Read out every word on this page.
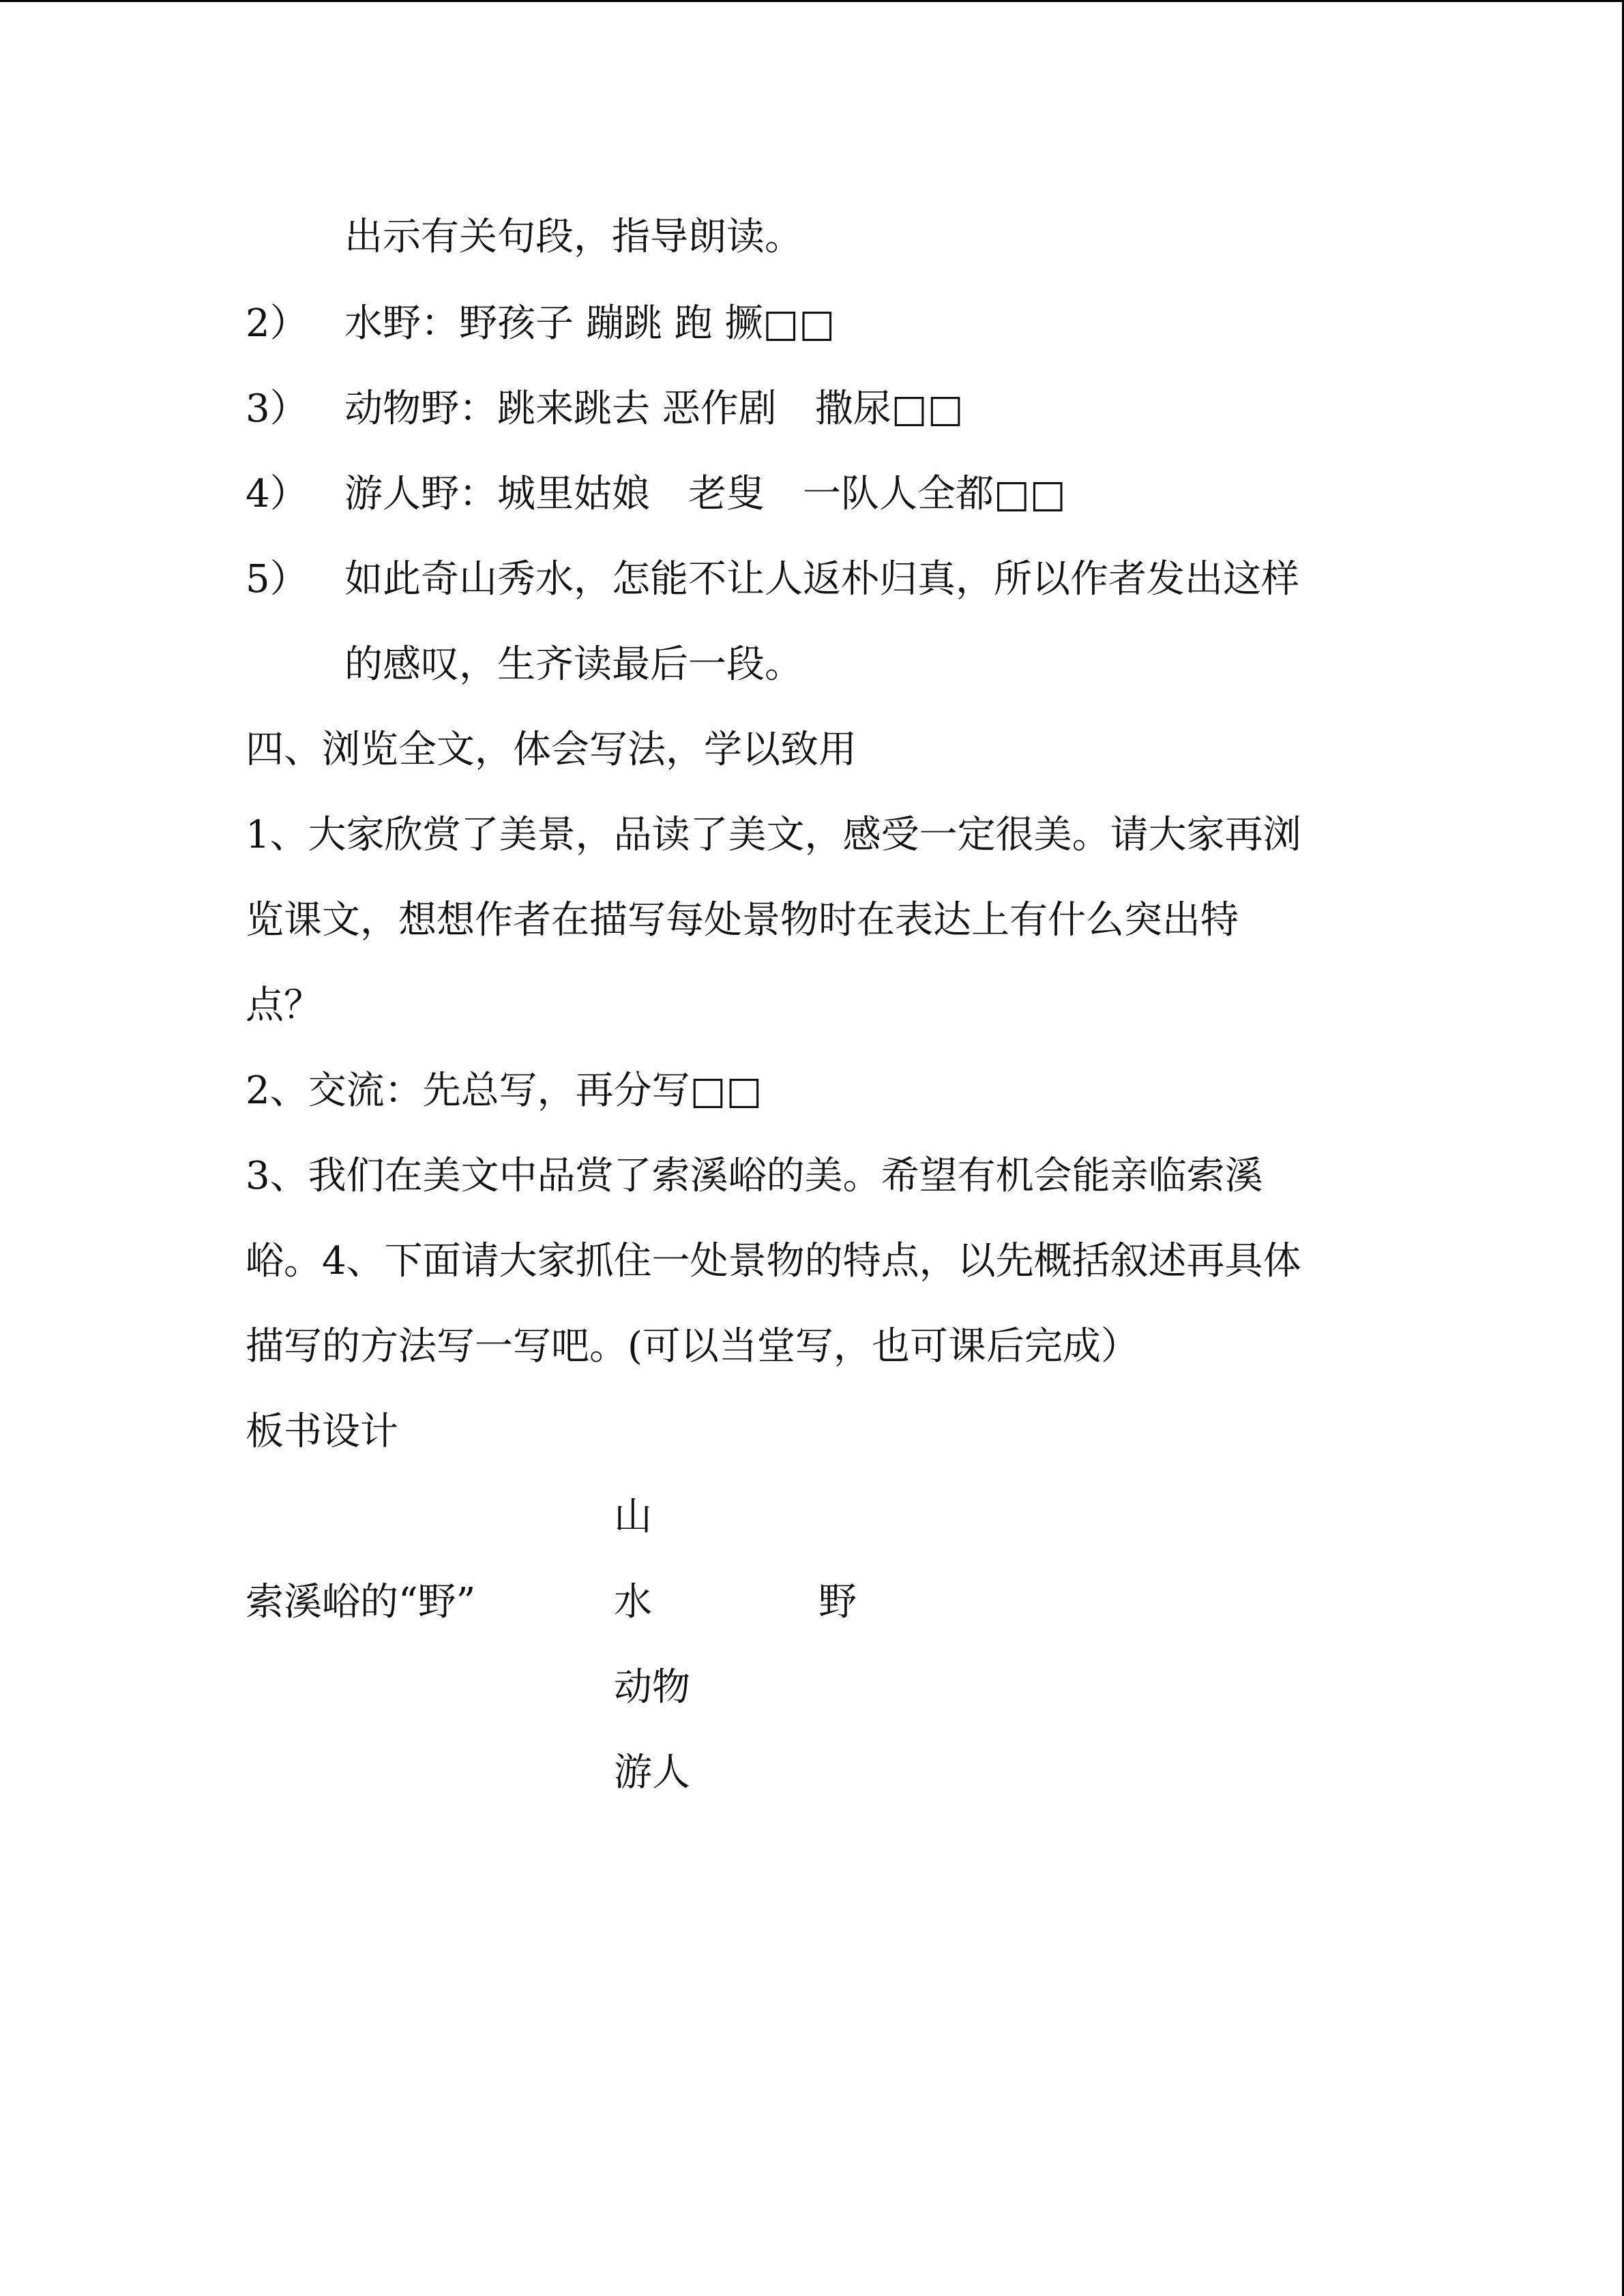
出示有关句段，指导朗读。
2） 水野：野孩子 蹦跳 跑 撅□□
3） 动物野：跳来跳去 恶作剧　撒尿□□
4） 游人野：城里姑娘　老叟　一队人全都□□
5） 如此奇山秀水，怎能不让人返朴归真，所以作者发出这样
的感叹，生齐读最后一段。
四、浏览全文，体会写法，学以致用
1、大家欣赏了美景，品读了美文，感受一定很美。请大家再浏
览课文，想想作者在描写每处景物时在表达上有什么突出特
点？
2、交流：先总写，再分写□□
3、我们在美文中品赏了索溪峪的美。希望有机会能亲临索溪
峪。4、下面请大家抓住一处景物的特点，以先概括叙述再具体
描写的方法写一写吧。(可以当堂写，也可课后完成）
板书设计
山
索溪峪的“野”	水	野
动物
游人
